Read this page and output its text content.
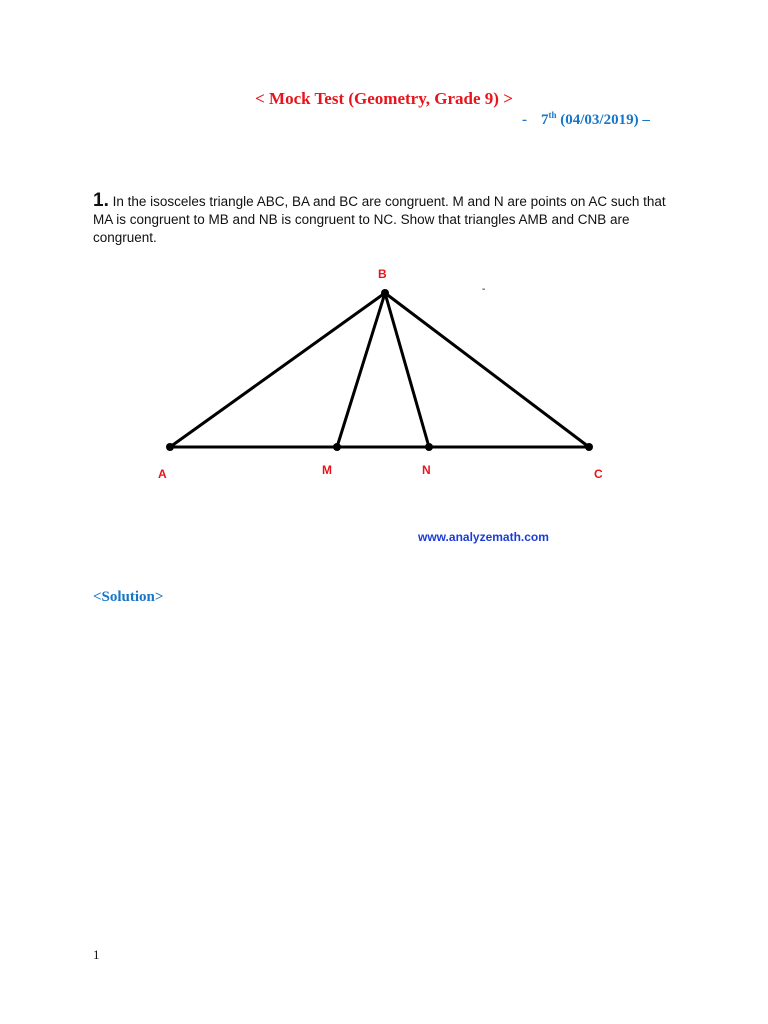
< Mock Test (Geometry, Grade 9) >
- 7th (04/03/2019) –
1. In the isosceles triangle ABC, BA and BC are congruent. M and N are points on AC such that MA is congruent to MB and NB is congruent to NC. Show that triangles AMB and CNB are congruent.
B
A	M	N	C
-
www.analyzemath.com
<Solution>
1
